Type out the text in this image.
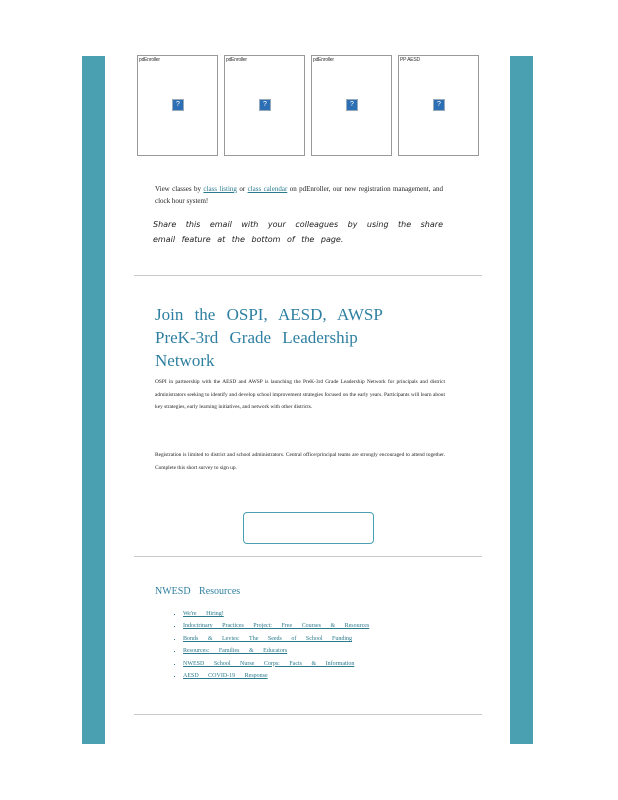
pdEnroller
?
pdEnroller
?
pdEnroller
?
PP AESD
?
View classes by class listing or class calendar on pdEnroller, our new registration management, and clock hour system!
Share this email with your colleagues by using the share email feature at the bottom of the page.
Join the OSPI, AESD, AWSP PreK-3rd Grade Leadership Network
OSPI in partnership with the AESD and AWSP is launching the PreK-3rd Grade Leadership Network for principals and district administrators seeking to identify and develop school improvement strategies focused on the early years. Participants will learn about key strategies, early learning initiatives, and network with other districts.
Registration is limited to district and school administrators. Central office/principal teams are strongly encouraged to attend together. Complete this short survey to sign up.
NWESD Resources
▪ We're Hiring!
▪ Indoctrinary Practices Project: Free Courses & Resources
▪ Bonds & Levies: The Seeds of School Funding
▪ Resources: Families & Educators
▪ NWESD School Nurse Corps: Facts & Information
▪ AESD COVID-19 Response
